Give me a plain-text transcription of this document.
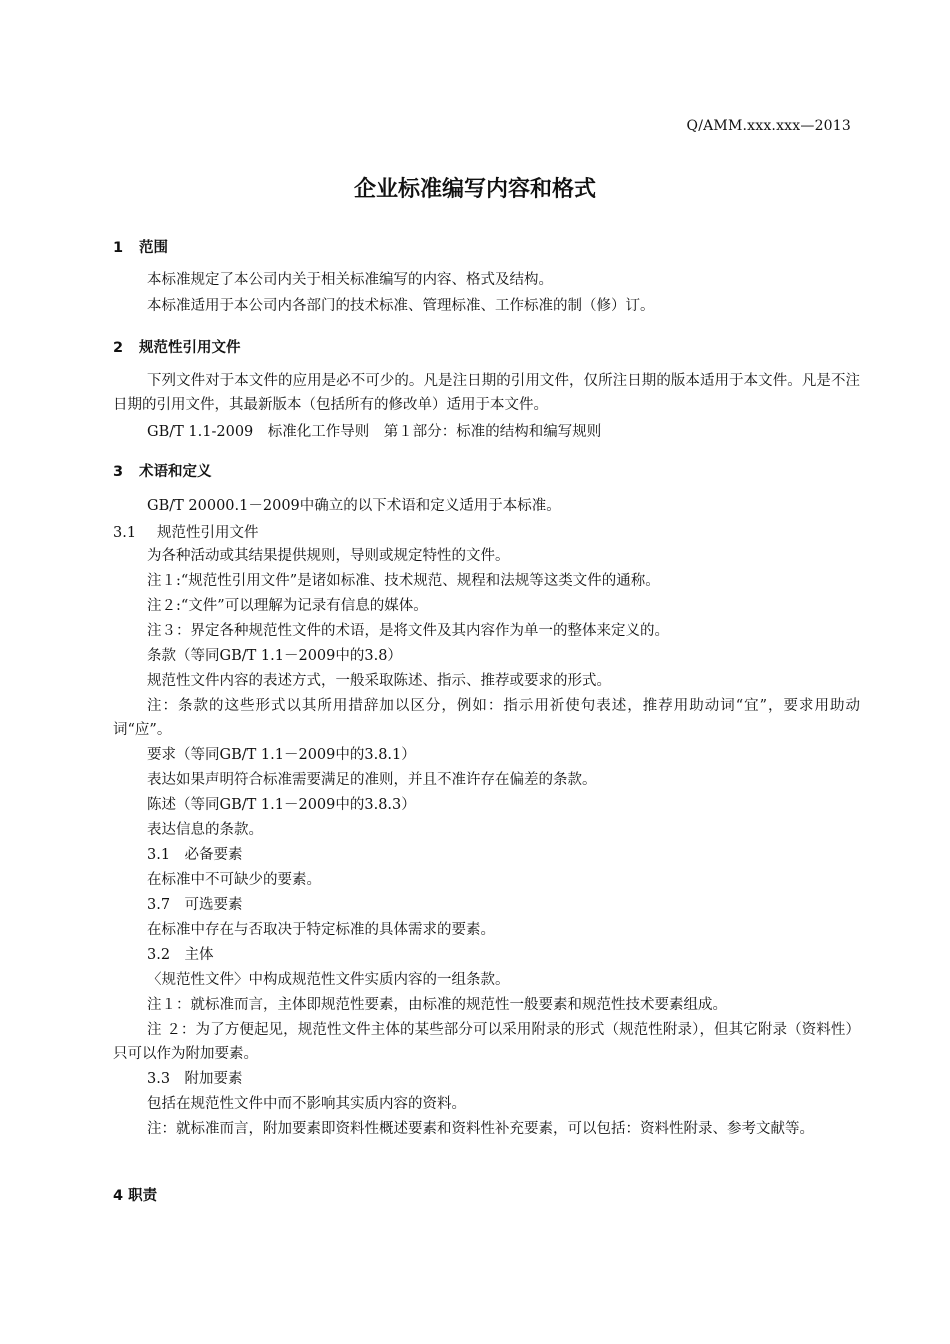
Q/AMM.xxx.xxx—2013
企业标准编写内容和格式
1 范围
本标准规定了本公司内关于相关标准编写的内容、格式及结构。
本标准适用于本公司内各部门的技术标准、管理标准、工作标准的制（修）订。
2 规范性引用文件
下列文件对于本文件的应用是必不可少的。凡是注日期的引用文件，仅所注日期的版本适用于本文件。凡是不注日期的引用文件，其最新版本（包括所有的修改单）适用于本文件。
GB/T 1.1-2009　标准化工作导则　第１部分：标准的结构和编写规则
3 术语和定义
GB/T 20000.1－2009中确立的以下术语和定义适用于本标准。
3.1 规范性引用文件
为各种活动或其结果提供规则，导则或规定特性的文件。
注１:“规范性引用文件”是诸如标准、技术规范、规程和法规等这类文件的通称。
注２:“文件”可以理解为记录有信息的媒体。
注３：界定各种规范性文件的术语，是将文件及其内容作为单一的整体来定义的。
条款（等同GB/T 1.1－2009中的3.8）
规范性文件内容的表述方式，一般采取陈述、指示、推荐或要求的形式。
注：条款的这些形式以其所用措辞加以区分，例如：指示用祈使句表述，推荐用助动词“宜”，要求用助动词“应”。
要求（等同GB/T 1.1－2009中的3.8.1）
表达如果声明符合标准需要满足的准则，并且不准许存在偏差的条款。
陈述（等同GB/T 1.1－2009中的3.8.3）
表达信息的条款。
3.1　必备要素
在标准中不可缺少的要素。
3.7　可选要素
在标准中存在与否取决于特定标准的具体需求的要素。
3.2　主体
〈规范性文件〉中构成规范性文件实质内容的一组条款。
注１：就标准而言，主体即规范性要素，由标准的规范性一般要素和规范性技术要素组成。
注 ２：为了方便起见，规范性文件主体的某些部分可以采用附录的形式（规范性附录），但其它附录（资料性）只可以作为附加要素。
3.3　附加要素
包括在规范性文件中而不影响其实质内容的资料。
注：就标准而言，附加要素即资料性概述要素和资料性补充要素，可以包括：资料性附录、参考文献等。
4 职责
